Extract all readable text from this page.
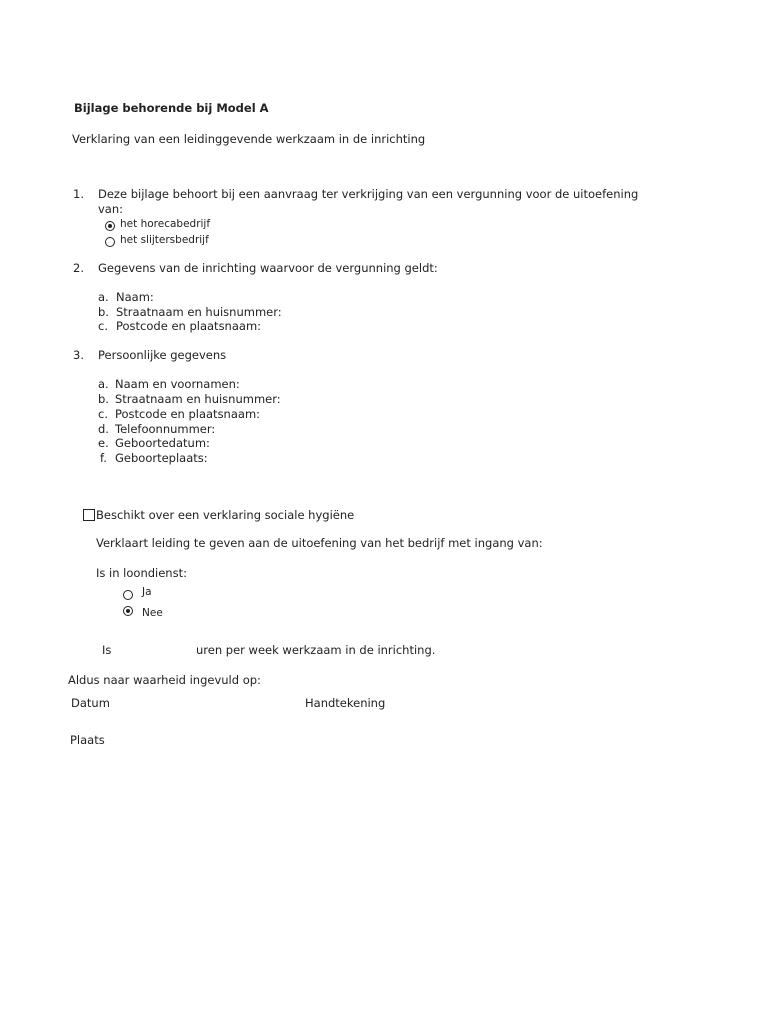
Bijlage behorende bij Model A
Verklaring van een leidinggevende werkzaam in de inrichting
1. Deze bijlage behoort bij een aanvraag ter verkrijging van een vergunning voor de uitoefening
van:
het horecabedrijf
het slijtersbedrijf
2. Gegevens van de inrichting waarvoor de vergunning geldt:
a. Naam:
b. Straatnaam en huisnummer:
c. Postcode en plaatsnaam:
3. Persoonlijke gegevens
a. Naam en voornamen:
b. Straatnaam en huisnummer:
c. Postcode en plaatsnaam:
d. Telefoonnummer:
e. Geboortedatum:
f. Geboorteplaats:
Beschikt over een verklaring sociale hygiëne
Verklaart leiding te geven aan de uitoefening van het bedrijf met ingang van:
Is in loondienst:
Ja
Nee
Is	uren per week werkzaam in de inrichting.
Aldus naar waarheid ingevuld op:
Datum	Handtekening
Plaats
